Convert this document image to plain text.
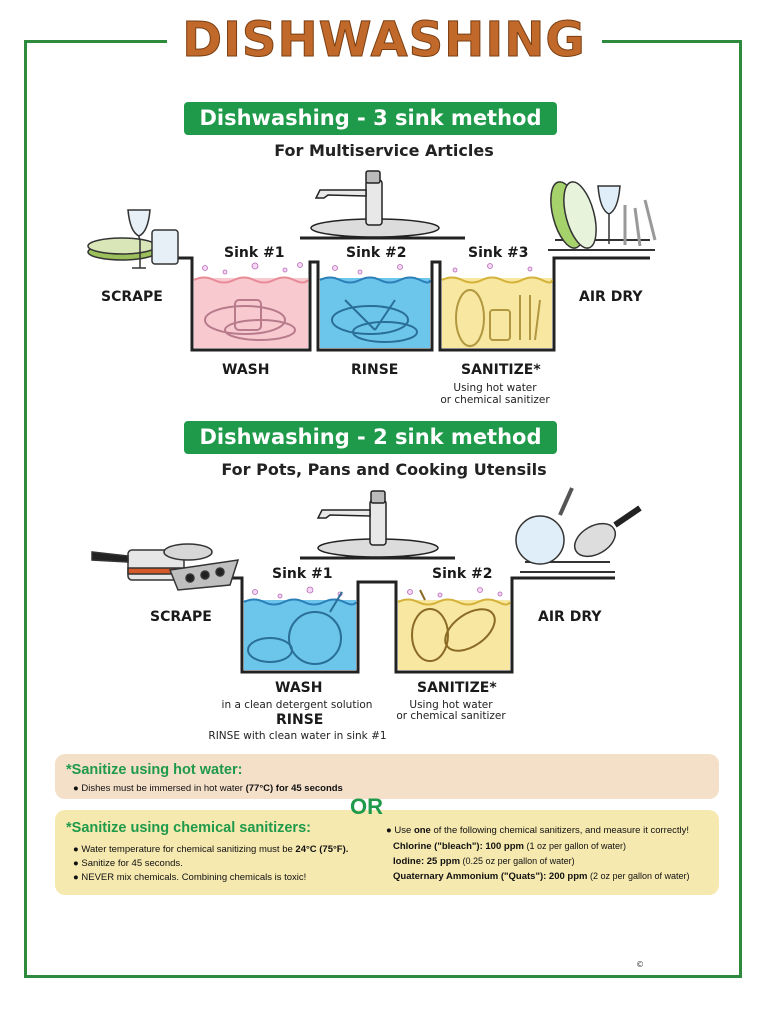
DISHWASHING
Dishwashing - 3 sink method
For Multiservice Articles
SCRAPE	AIR DRY
Sink #1	Sink #2	Sink #3
WASH	RINSE	SANITIZE*
Using hot water
or chemical sanitizer
Dishwashing - 2 sink method
For Pots, Pans and Cooking Utensils
SCRAPE	AIR DRY
Sink #1	Sink #2
WASH
in a clean detergent solution
RINSE
RINSE with clean water in sink #1
SANITIZE*
Using hot water
or chemical sanitizer
*Sanitize using hot water:
● Dishes must be immersed in hot water (77°C) for 45 seconds
OR
*Sanitize using chemical sanitizers:
● Water temperature for chemical sanitizing must be 24°C (75°F).
● Sanitize for 45 seconds.
● NEVER mix chemicals. Combining chemicals is toxic!
● Use one of the following chemical sanitizers, and measure it correctly!
Chlorine ("bleach"): 100 ppm (1 oz per gallon of water)
Iodine: 25 ppm (0.25 oz per gallon of water)
Quaternary Ammonium ("Quats"): 200 ppm (2 oz per gallon of water)
©
